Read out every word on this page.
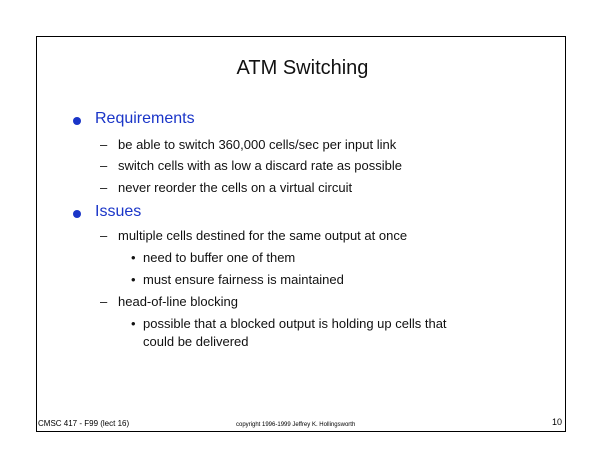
ATM Switching
Requirements
– be able to switch 360,000 cells/sec per input link
– switch cells with as low a discard rate as possible
– never reorder the cells on a virtual circuit
Issues
– multiple cells destined for the same output at once
• need to buffer one of them
• must ensure fairness is maintained
– head-of-line blocking
• possible that a blocked output is holding up cells that
could be delivered
CMSC 417 - F99 (lect 16)	copyright 1996-1999 Jeffrey K. Hollingsworth	10
